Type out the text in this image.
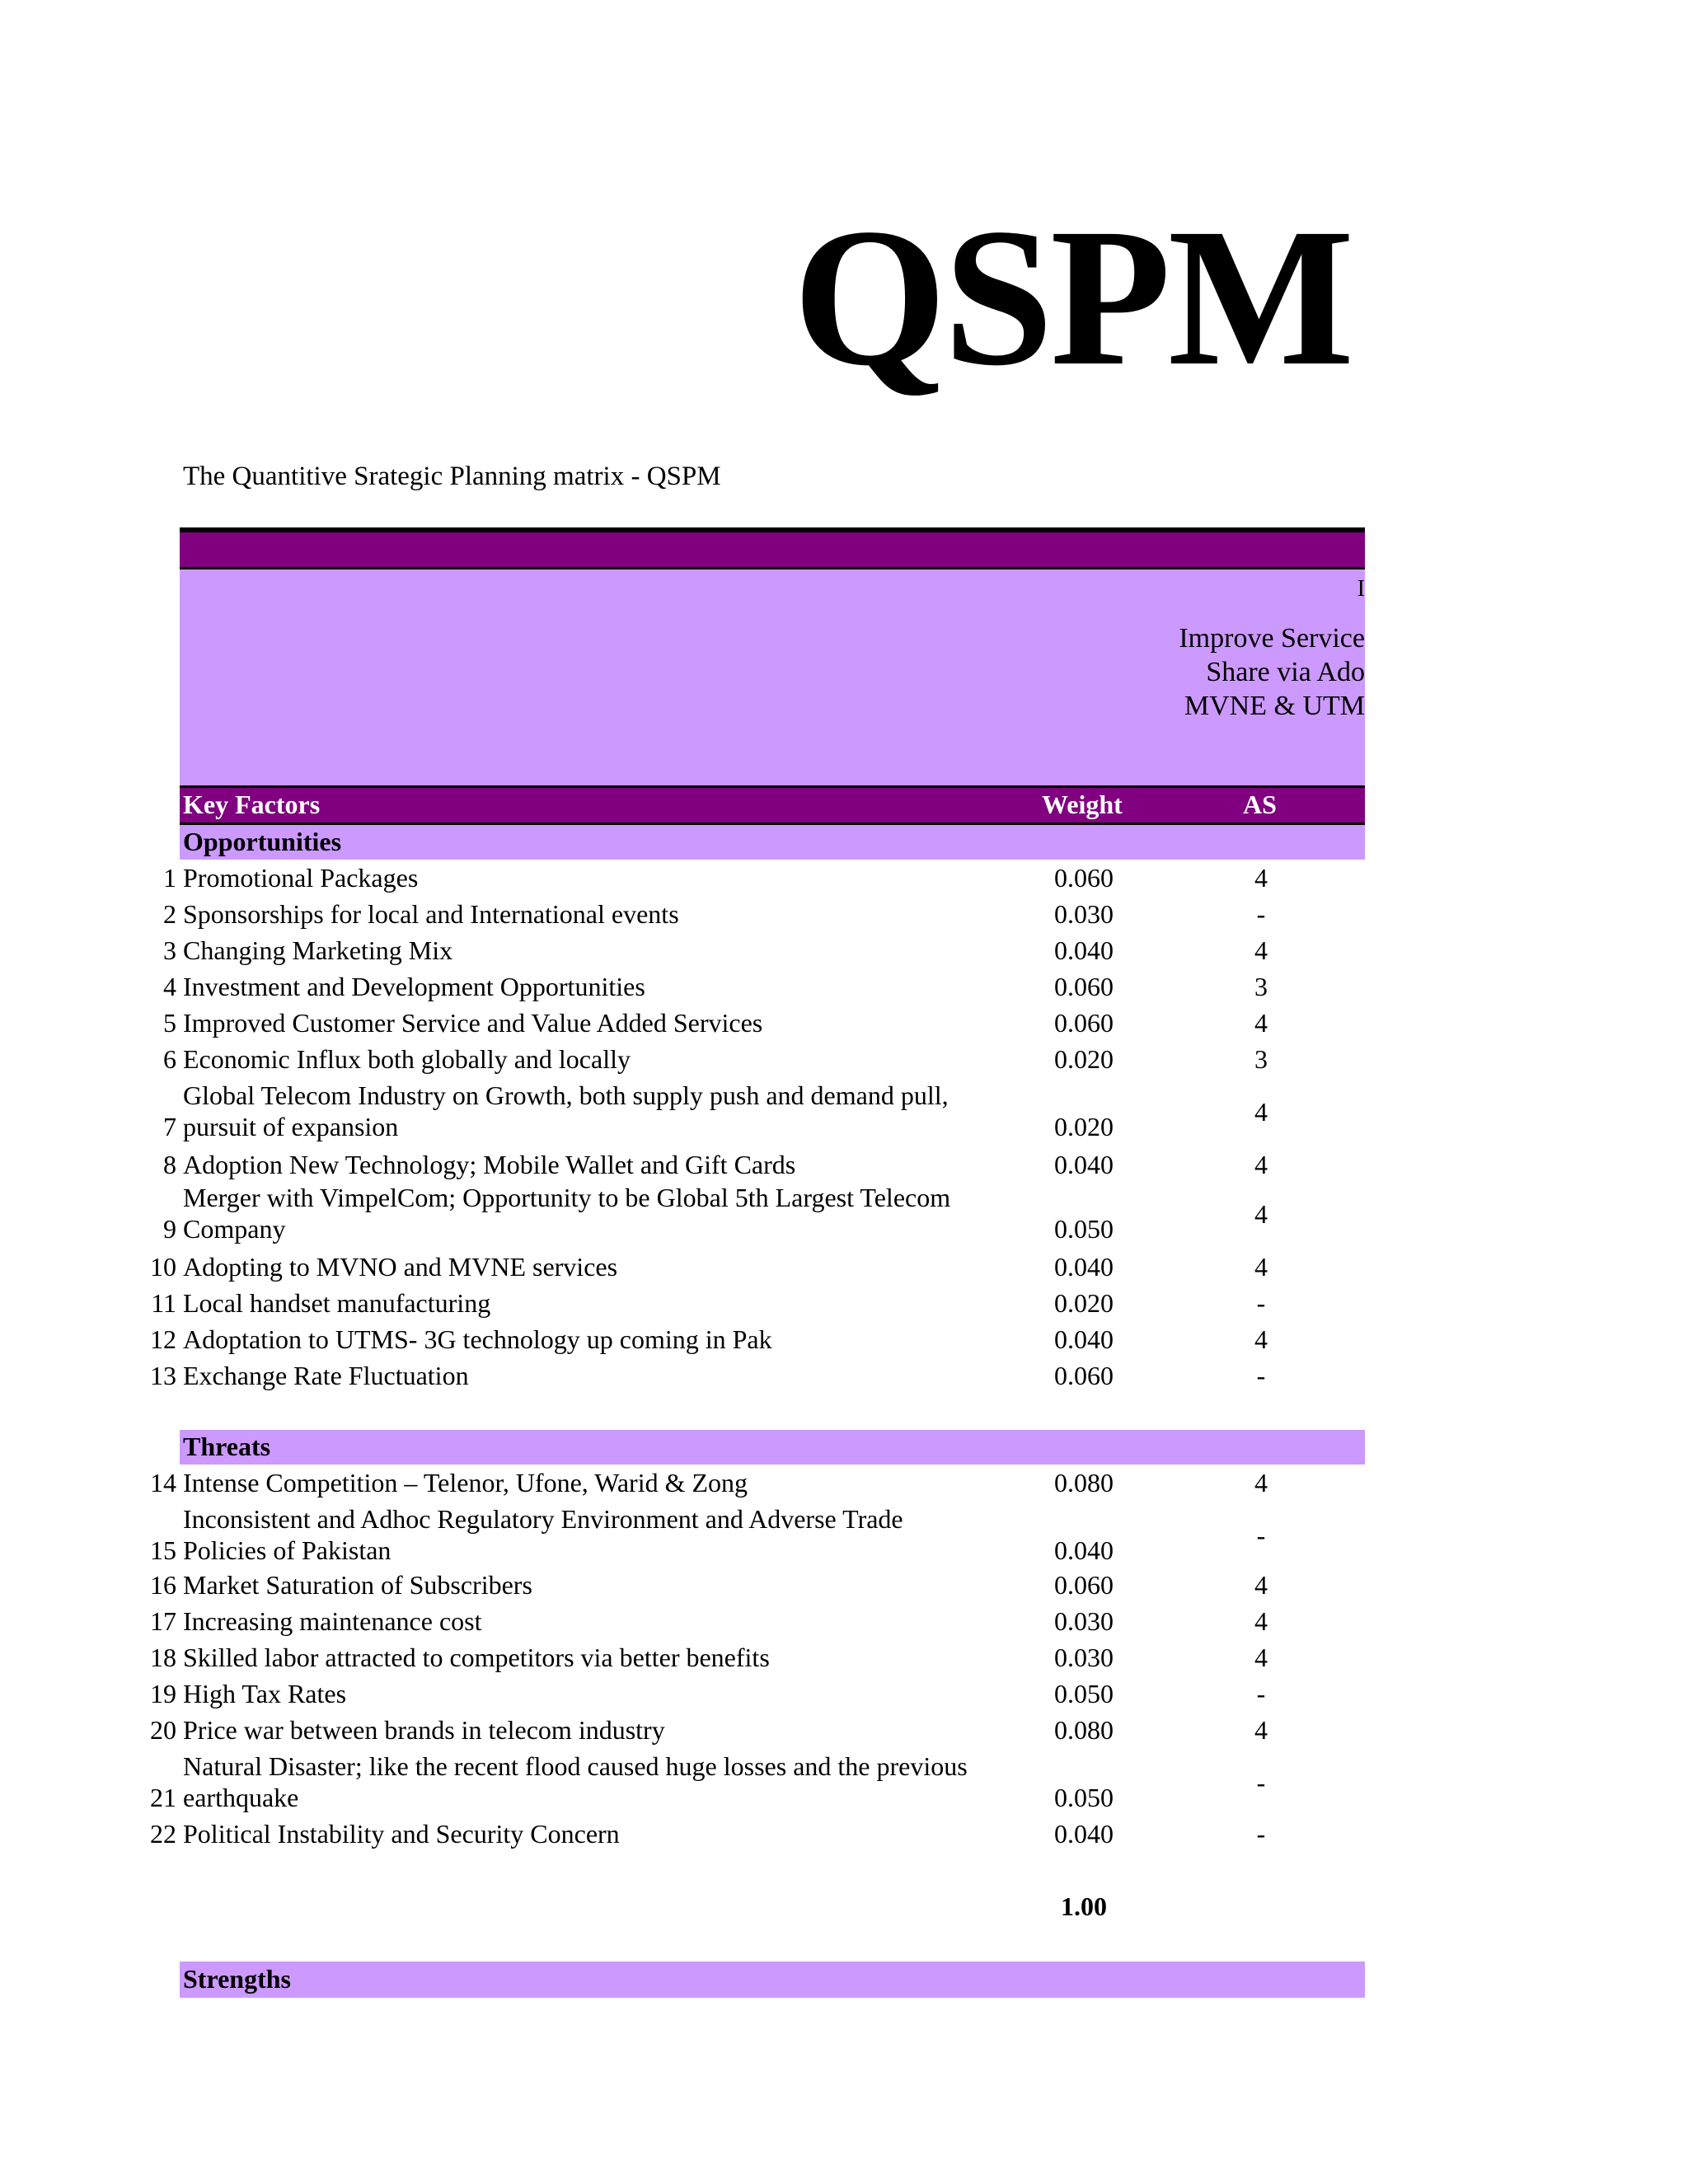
QSPM
The Quantitive Srategic Planning matrix - QSPM
I
Improve Service
Share via Ado
MVNE & UTM
Key Factors	Weight	AS
Opportunities
1 Promotional Packages	0.060	4
2 Sponsorships for local and International events	0.030	-
3 Changing Marketing Mix	0.040	4
4 Investment and Development Opportunities	0.060	3
5 Improved Customer Service and Value Added Services	0.060	4
6 Economic Influx both globally and locally	0.020	3
Global Telecom Industry on Growth, both supply push and demand pull,
7 pursuit of expansion	0.020	4
8 Adoption New Technology; Mobile Wallet and Gift Cards	0.040	4
Merger with VimpelCom; Opportunity to be Global 5th Largest Telecom
9 Company	0.050	4
10 Adopting to MVNO and MVNE services	0.040	4
11 Local handset manufacturing	0.020	-
12 Adoptation to UTMS- 3G technology up coming in Pak	0.040	4
13 Exchange Rate Fluctuation	0.060	-
Threats
14 Intense Competition – Telenor, Ufone, Warid & Zong	0.080	4
Inconsistent and Adhoc Regulatory Environment and Adverse Trade
15 Policies of Pakistan	0.040	-
16 Market Saturation of Subscribers	0.060	4
17 Increasing maintenance cost	0.030	4
18 Skilled labor attracted to competitors via better benefits	0.030	4
19 High Tax Rates	0.050	-
20 Price war between brands in telecom industry	0.080	4
Natural Disaster; like the recent flood caused huge losses and the previous
21 earthquake	0.050	-
22 Political Instability and Security Concern	0.040	-
1.00
Strengths
